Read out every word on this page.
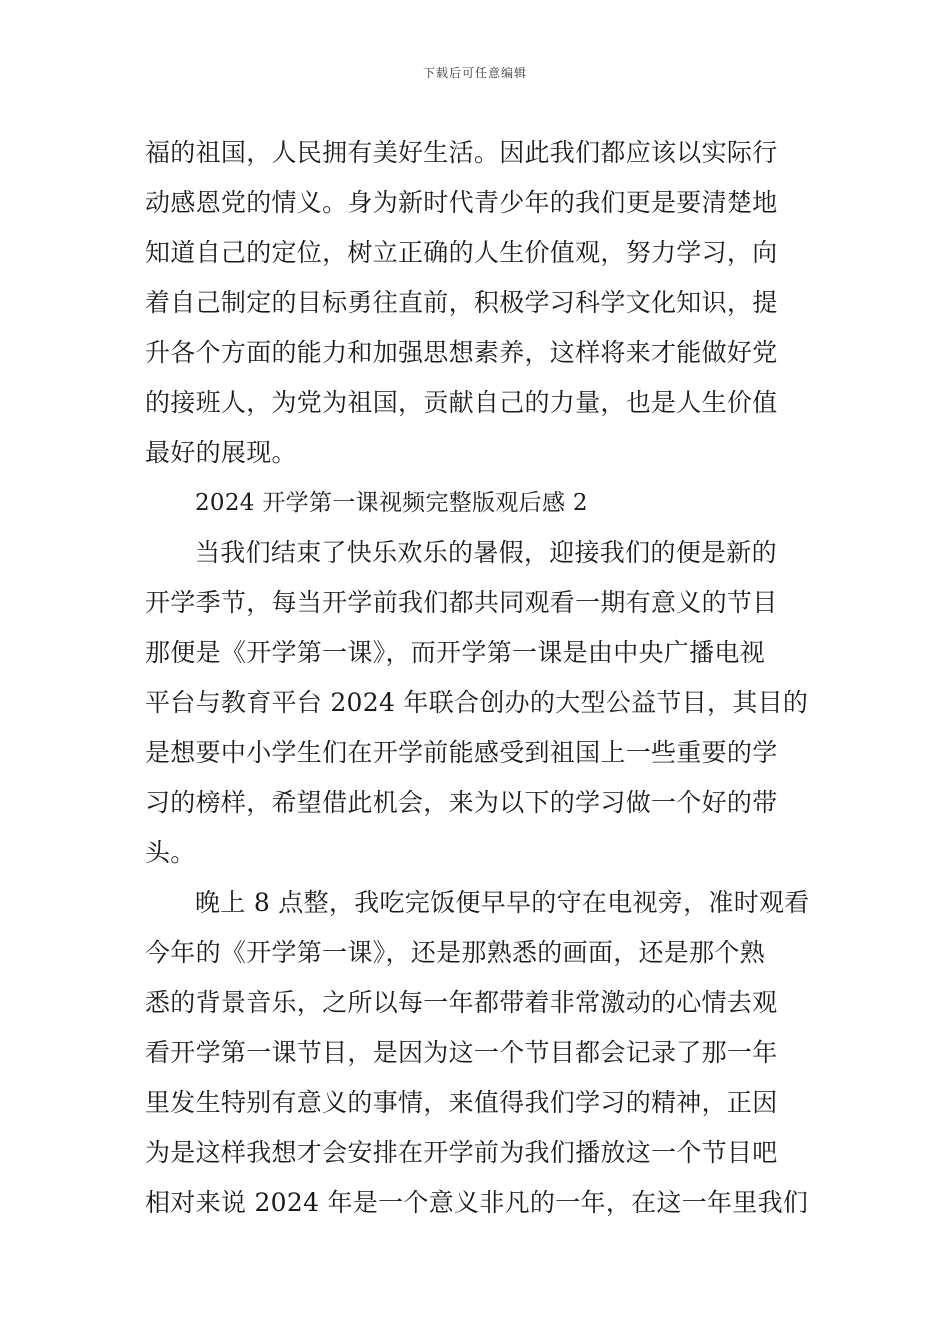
下载后可任意编辑
福的祖国，人民拥有美好生活。因此我们都应该以实际行
动感恩党的情义。身为新时代青少年的我们更是要清楚地
知道自己的定位，树立正确的人生价值观，努力学习，向
着自己制定的目标勇往直前，积极学习科学文化知识，提
升各个方面的能力和加强思想素养，这样将来才能做好党
的接班人，为党为祖国，贡献自己的力量，也是人生价值
最好的展现。
2024 开学第一课视频完整版观后感 2
当我们结束了快乐欢乐的暑假，迎接我们的便是新的
开学季节，每当开学前我们都共同观看一期有意义的节目
那便是《开学第一课》，而开学第一课是由中央广播电视
平台与教育平台 2024 年联合创办的大型公益节目，其目的
是想要中小学生们在开学前能感受到祖国上一些重要的学
习的榜样，希望借此机会，来为以下的学习做一个好的带
头。
晚上 8 点整，我吃完饭便早早的守在电视旁，准时观看
今年的《开学第一课》，还是那熟悉的画面，还是那个熟
悉的背景音乐，之所以每一年都带着非常激动的心情去观
看开学第一课节目，是因为这一个节目都会记录了那一年
里发生特别有意义的事情，来值得我们学习的精神，正因
为是这样我想才会安排在开学前为我们播放这一个节目吧
相对来说 2024 年是一个意义非凡的一年，在这一年里我们
